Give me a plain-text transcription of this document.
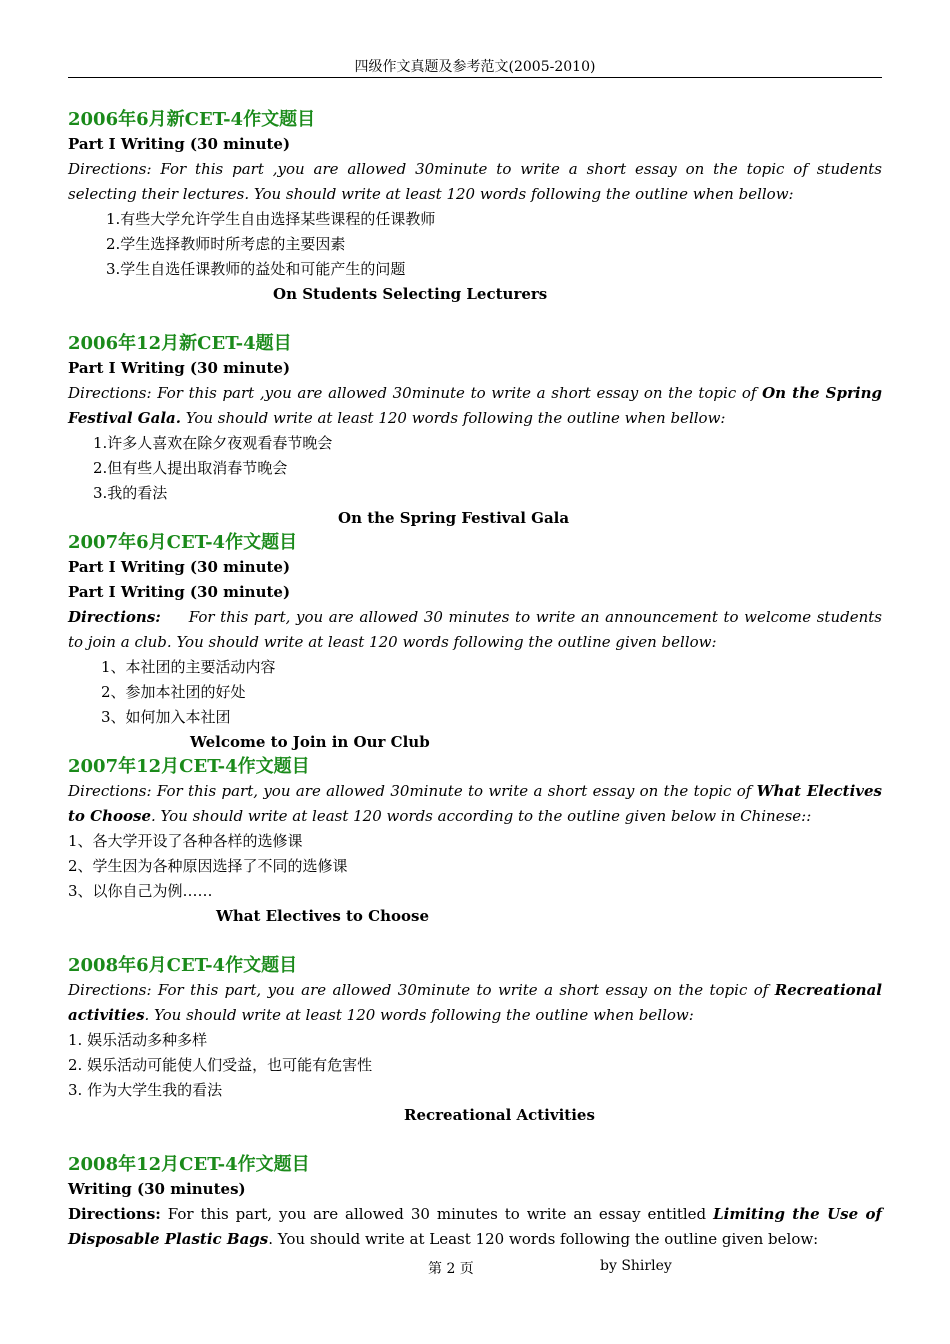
四级作文真题及参考范文(2005-2010)

2006年6月新CET-4作文题目

Part I Writing (30 minute)

Directions: For this part ,you are allowed 30minute to write a short essay on the topic of students selecting their lectures. You should write at least 120 words following the outline when bellow:

1.有些大学允许学生自由选择某些课程的任课教师

2.学生选择教师时所考虑的主要因素

3.学生自选任课教师的益处和可能产生的问题

On Students Selecting Lecturers

2006年12月新CET-4题目

Part I Writing (30 minute)

Directions: For this part ,you are allowed 30minute to write a short essay on the topic of On the Spring Festival Gala. You should write at least 120 words following the outline when bellow:

1.许多人喜欢在除夕夜观看春节晚会

2.但有些人提出取消春节晚会

3.我的看法

On the Spring Festival Gala

2007年6月CET-4作文题目

Part I Writing (30 minute)

Part I Writing (30 minute)

Directions: For this part, you are allowed 30 minutes to write an announcement to welcome students to join a club. You should write at least 120 words following the outline given bellow:

1、本社团的主要活动内容

2、参加本社团的好处

3、如何加入本社团

Welcome to Join in Our Club

2007年12月CET-4作文题目

Directions: For this part, you are allowed 30minute to write a short essay on the topic of What Electives to Choose. You should write at least 120 words according to the outline given below in Chinese::

1、各大学开设了各种各样的选修课

2、学生因为各种原因选择了不同的选修课

3、以你自己为例……

What Electives to Choose

2008年6月CET-4作文题目

Directions: For this part, you are allowed 30minute to write a short essay on the topic of Recreational activities. You should write at least 120 words following the outline when bellow:

1. 娱乐活动多种多样

2. 娱乐活动可能使人们受益，也可能有危害性

3. 作为大学生我的看法

Recreational Activities

2008年12月CET-4作文题目

Writing (30 minutes)

Directions: For this part, you are allowed 30 minutes to write an essay entitled Limiting the Use of Disposable Plastic Bags. You should write at Least 120 words following the outline given below:

第 2 页	by Shirley
